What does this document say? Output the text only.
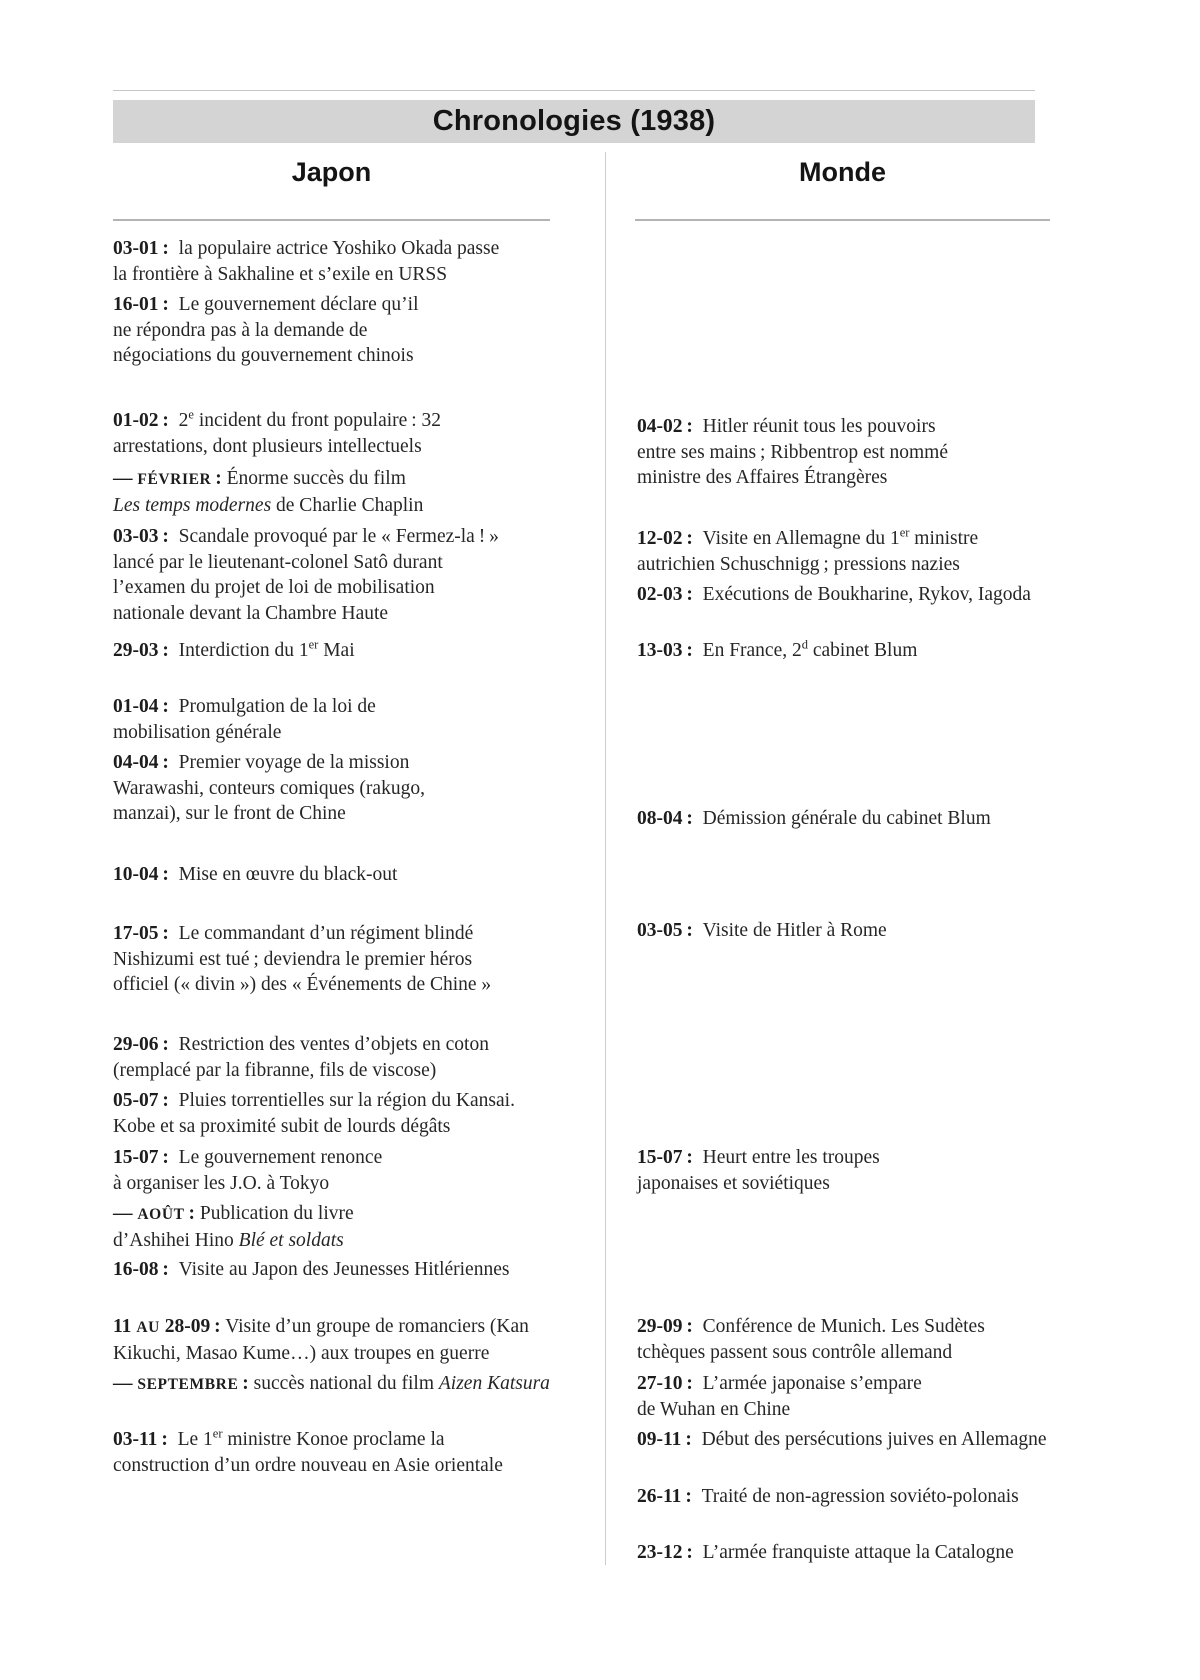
Chronologies (1938)
Japon	Monde
03-01 : la populaire actrice Yoshiko Okada passe
la frontière à Sakhaline et s’exile en URSS
16-01 : Le gouvernement déclare qu’il
ne répondra pas à la demande de
négociations du gouvernement chinois
01-02 : 2e incident du front populaire : 32
arrestations, dont plusieurs intellectuels
— FÉVRIER : Énorme succès du film
Les temps modernes de Charlie Chaplin
03-03 : Scandale provoqué par le « Fermez-la ! »
lancé par le lieutenant-colonel Satô durant
l’examen du projet de loi de mobilisation
nationale devant la Chambre Haute
29-03 : Interdiction du 1er Mai
01-04 : Promulgation de la loi de
mobilisation générale
04-04 : Premier voyage de la mission
Warawashi, conteurs comiques (rakugo,
manzai), sur le front de Chine
10-04 : Mise en œuvre du black-out
17-05 : Le commandant d’un régiment blindé
Nishizumi est tué ; deviendra le premier héros
officiel (« divin ») des « Événements de Chine »
29-06 : Restriction des ventes d’objets en coton
(remplacé par la fibranne, fils de viscose)
05-07 : Pluies torrentielles sur la région du Kansai.
Kobe et sa proximité subit de lourds dégâts
15-07 : Le gouvernement renonce
à organiser les J.O. à Tokyo
— AOÛT : Publication du livre
d’Ashihei Hino Blé et soldats
16-08 : Visite au Japon des Jeunesses Hitlériennes
11 AU 28-09 : Visite d’un groupe de romanciers (Kan
Kikuchi, Masao Kume…) aux troupes en guerre
— SEPTEMBRE : succès national du film Aizen Katsura
03-11 : Le 1er ministre Konoe proclame la
construction d’un ordre nouveau en Asie orientale
04-02 : Hitler réunit tous les pouvoirs
entre ses mains ; Ribbentrop est nommé
ministre des Affaires Étrangères
12-02 : Visite en Allemagne du 1er ministre
autrichien Schuschnigg ; pressions nazies
02-03 : Exécutions de Boukharine, Rykov, Iagoda
13-03 : En France, 2$^d$ cabinet Blum
08-04 : Démission générale du cabinet Blum
03-05 : Visite de Hitler à Rome
15-07 : Heurt entre les troupes
japonaises et soviétiques
29-09 : Conférence de Munich. Les Sudètes
tchèques passent sous contrôle allemand
27-10 : L’armée japonaise s’empare
de Wuhan en Chine
09-11 : Début des persécutions juives en Allemagne
26-11 : Traité de non-agression soviéto-polonais
23-12 : L’armée franquiste attaque la Catalogne
